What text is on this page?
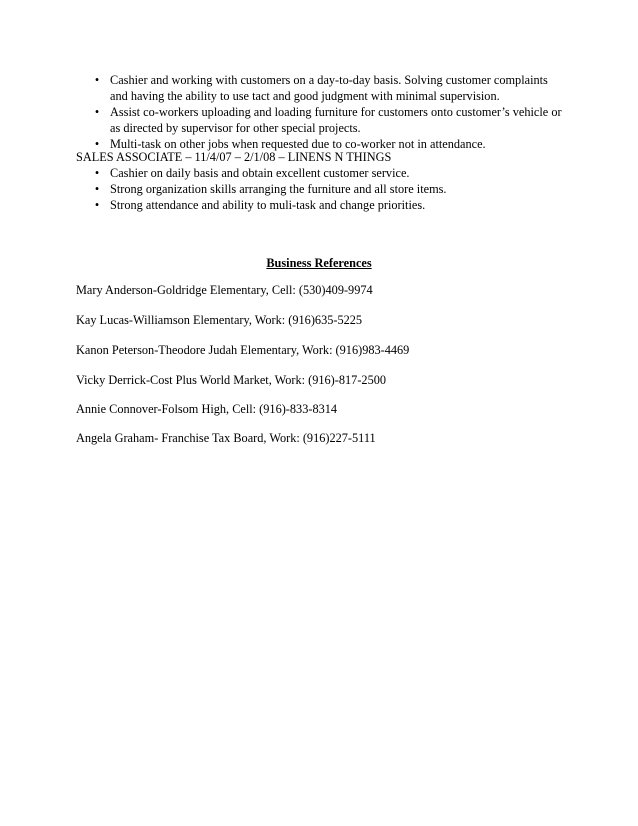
• Cashier and working with customers on a day-to-day basis. Solving customer complaints and having the ability to use tact and good judgment with minimal supervision.
• Assist co-workers uploading and loading furniture for customers onto customer’s vehicle or as directed by supervisor for other special projects.
• Multi-task on other jobs when requested due to co-worker not in attendance.
SALES ASSOCIATE – 11/4/07 – 2/1/08 – LINENS N THINGS
• Cashier on daily basis and obtain excellent customer service.
• Strong organization skills arranging the furniture and all store items.
• Strong attendance and ability to muli-task and change priorities.
Business References
Mary Anderson-Goldridge Elementary, Cell: (530)409-9974
Kay Lucas-Williamson Elementary, Work: (916)635-5225
Kanon Peterson-Theodore Judah Elementary, Work: (916)983-4469
Vicky Derrick-Cost Plus World Market, Work: (916)-817-2500
Annie Connover-Folsom High, Cell: (916)-833-8314
Angela Graham- Franchise Tax Board, Work: (916)227-5111
